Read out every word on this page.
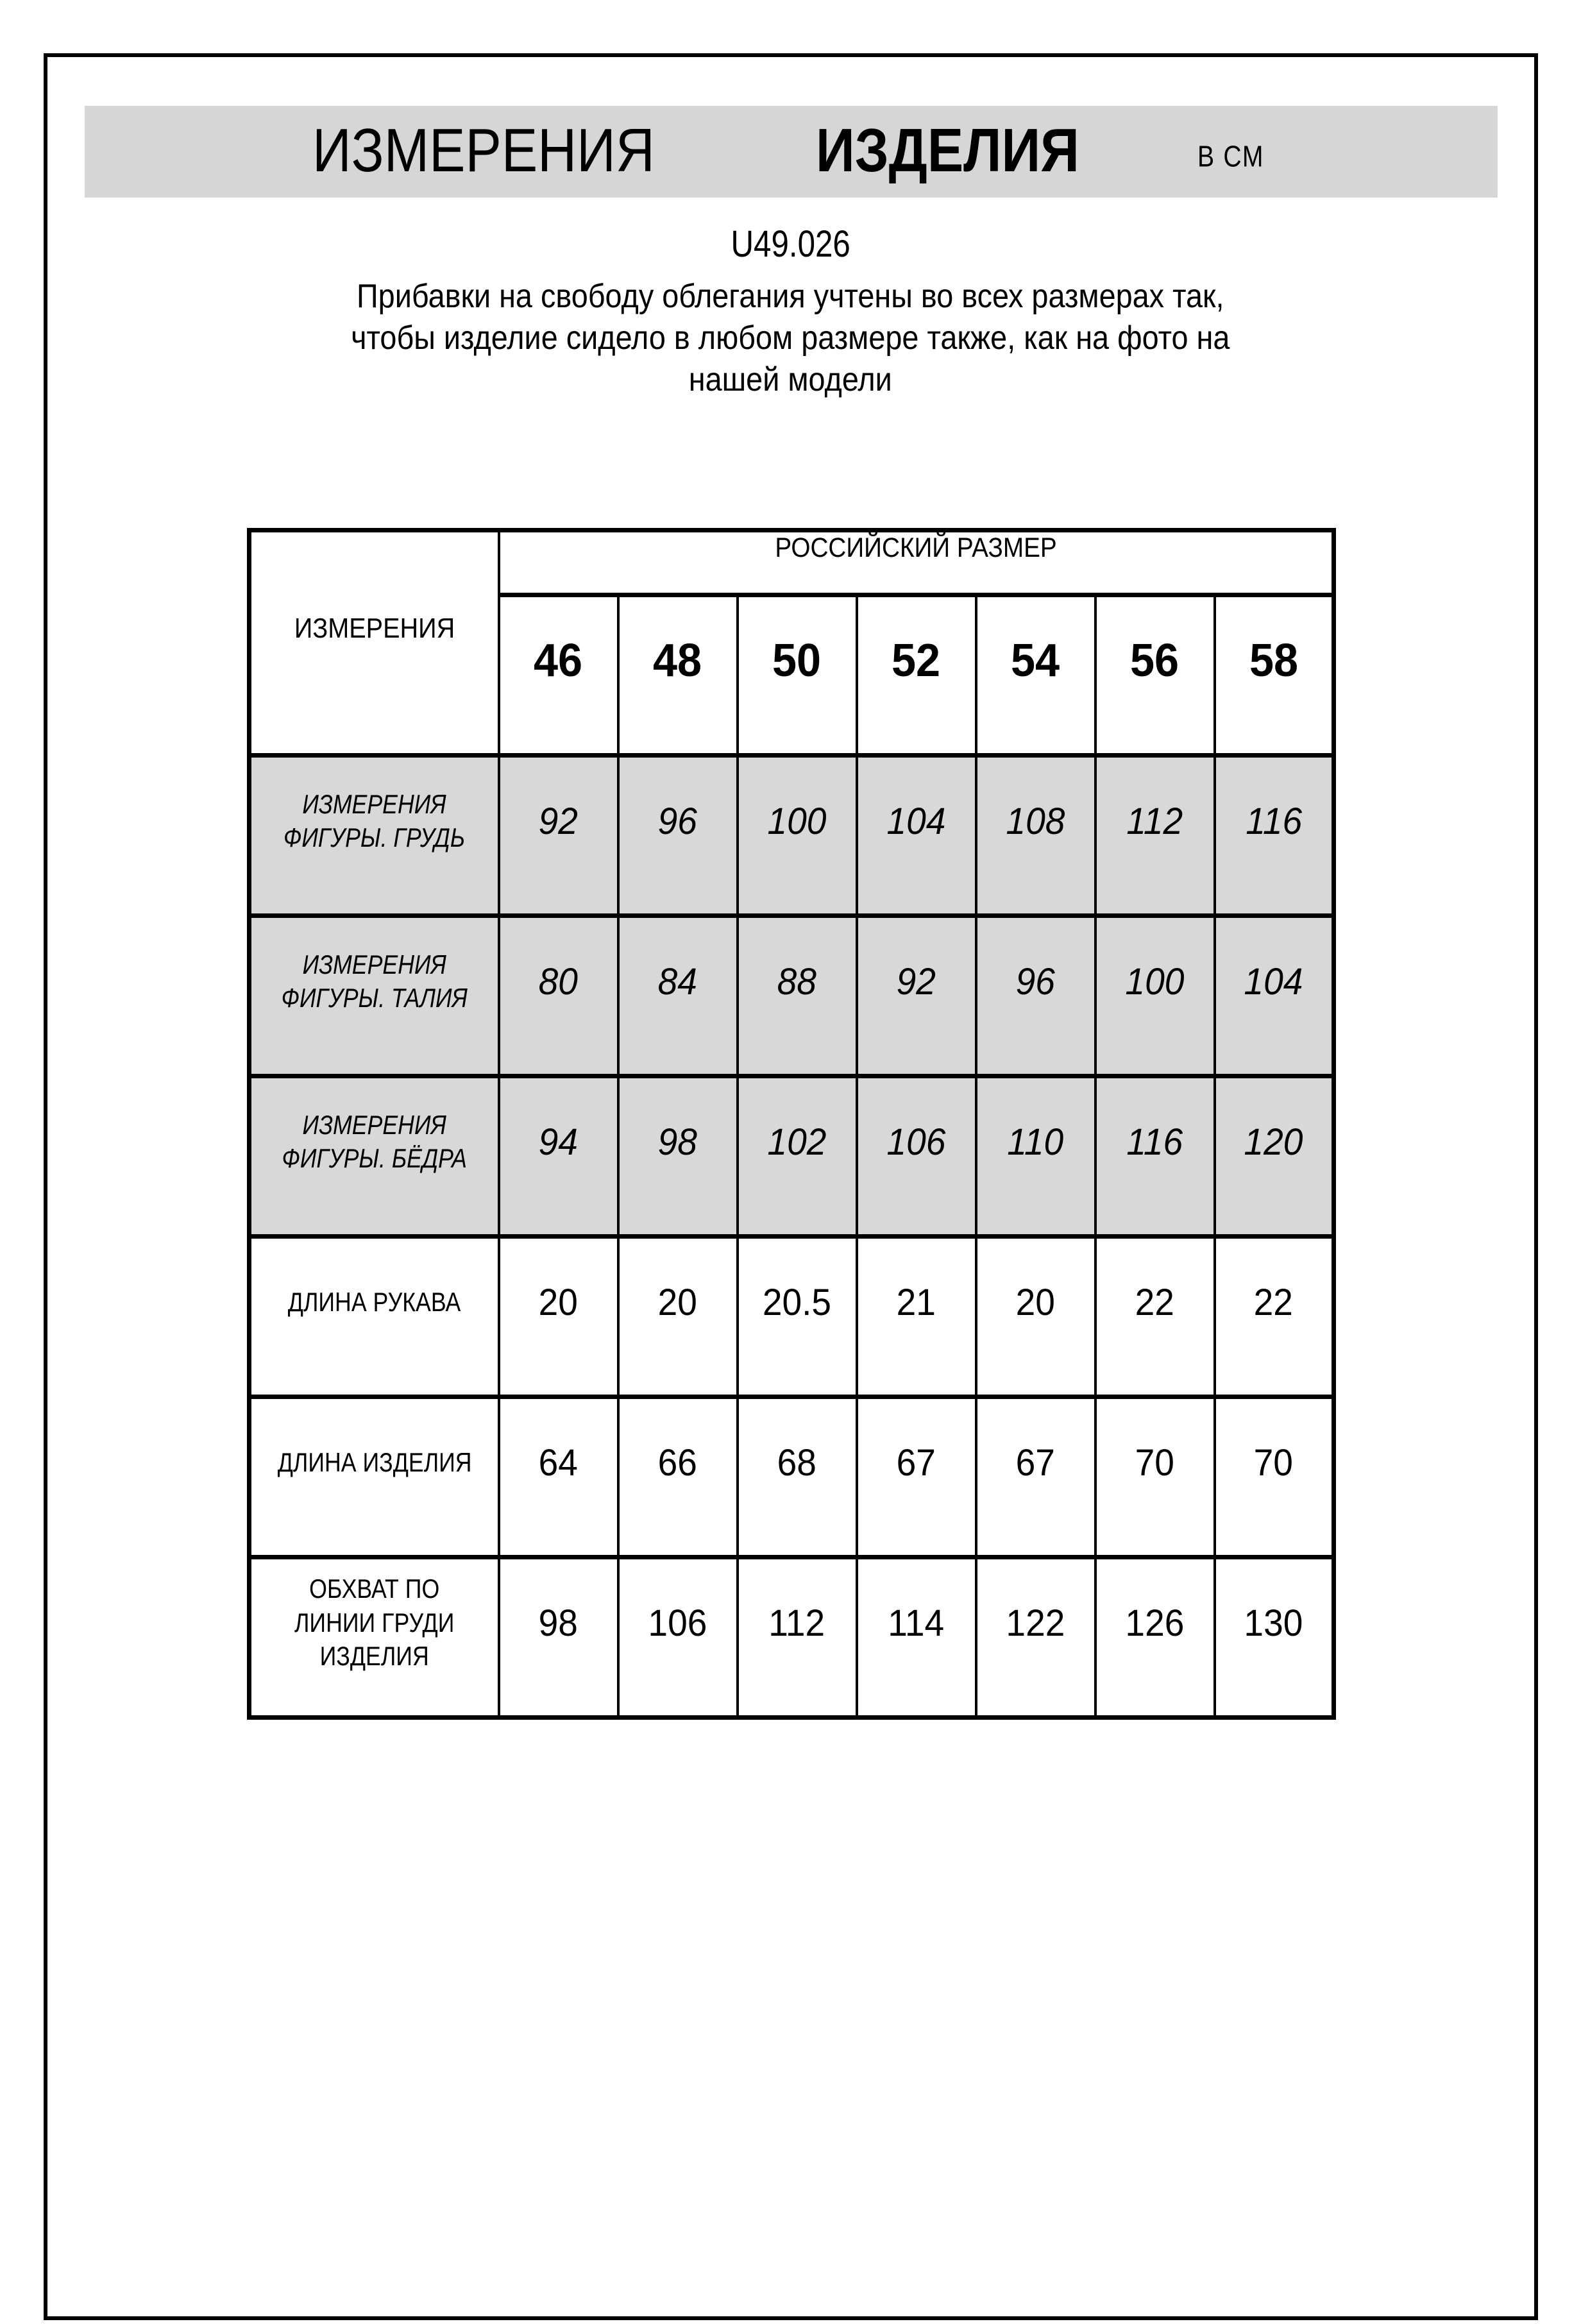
ИЗМЕРЕНИЯ	ИЗДЕЛИЯ	В СМ
U49.026
Прибавки на свободу облегания учтены во всех размерах так,
чтобы изделие сидело в любом размере также, как на фото на
нашей модели
ИЗМЕРЕНИЯ	РОССИЙСКИЙ РАЗМЕР						
	46	48	50	52	54	56	58
ИЗМЕРЕНИЯ
ФИГУРЫ. ГРУДЬ	92	96	100	104	108	112	116
ИЗМЕРЕНИЯ
ФИГУРЫ. ТАЛИЯ	80	84	88	92	96	100	104
ИЗМЕРЕНИЯ
ФИГУРЫ. БЁДРА	94	98	102	106	110	116	120
ДЛИНА РУКАВА	20	20	20.5	21	20	22	22
ДЛИНА ИЗДЕЛИЯ	64	66	68	67	67	70	70
ОБХВАТ ПО
ЛИНИИ ГРУДИ
ИЗДЕЛИЯ	98	106	112	114	122	126	130
